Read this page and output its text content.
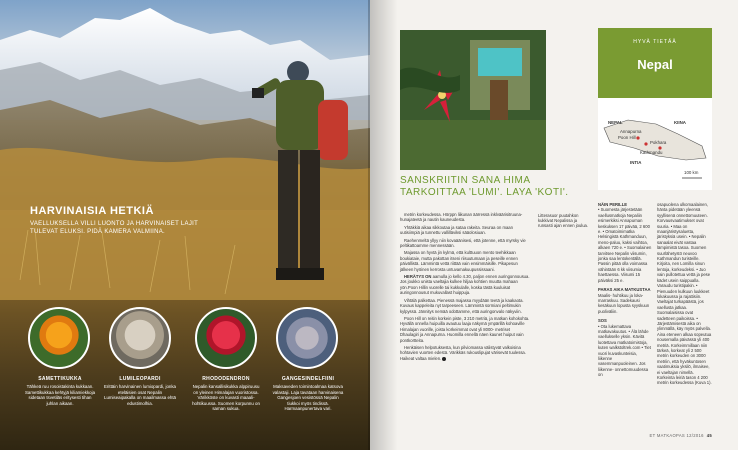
HARVINAISIA HETKIÄ
VAELLUKSELLA VILLI LUONTO JA HARVINAISET LAJIT TULEVAT ELUKSI. PIDÄ KAMERA VALMIINA.
SAMETTIKUKKA
Tähkeä ruu rosoistakinta kukkaan. Samettikukkaa kehtyjä kiliamiekkoja sidetaan tsvetiläs eritysesti tihan juhlan aikaan.
LUMILEOPARDI
Erittäin harvinainen lumiopardi, jonka eteläisien osat Nepalin Lumiseaipakalla on maailmassa ehtä edustimolhia.
RHODODENDRON
Nepalin kansallisikukka alppiruusu on yleinen Himalajan vuoristossa. Värikköste on kuvasti maaali- hohtikuussa. Suomen korpunnu on saman sukua.
GANGESINDELFIINI
Maksaveden toimintoalmaa katsova valastaji. Laja tavataan harvinaisena Gangesjoen vesistössä Nepalin tiukkoi myös tindissä. Harmaanpunertava vari.
SANSKRIITIN SANA HIMA TARKOITTAA 'LUMI'. LAYA 'KOTI'.
Litterasuor puutahkon kukkivat Nepalissa ja runsasti ajan ennen joulua.

metrin korkeudessa. Hörppn liikunan äärressä inklväärisitruuna- hunajateetä ja nautin kauneudesta.

Yhtäkkiä aikaa sikkoutaa ja sataa rakeita. Seuraa on maan uutisiimpiä ja tunnettu vallilläviksi sääolosiuan.

Raehenmeltä yllyy niin kovaäänisesi, että jotenne, että myrsky vie peltikattoamme mennessään.

Majassa on hyvtä jin kylmä, että kulttuuon mento teehikkaan boukiataie, mutta pakottan itseni riisuutumaan ja peseille ennen päivällistä. Lämmintä vettä riittää vain ensimmäisille. Pikapesun jälkeen hyöinen kerrosta untuvamakuupussissaani.

HERÄTYS ON aamulla jo kello 4.30, paljon ennen auringonnousua. Jos joukko unista vaeltajia kulkee hiljaa kohtien muutta mahaan yön.Poon Hillin vuorelle tai kukkulalle, koska tästä kuuluisat auringonnousut mukuvallast huippuja.

Vihtälä palkettaa. Pienessä majassa myydään teetä ja kaakaota. Kuvaus kappeleita nyt tarpeeseen. Lämmintä sormiani peltimukin kylpyssä. Jännitys nemää odottamme, että auringonvalo näkyviin.

Poon Hill on reitin korkein piste, 3 210 metriä, ja matkan kohokohta. Hyvällä onnella huipuilla avautuu laaja näkymä ympärillä kohoaville Himalajan vuorille, joista korkeimmat ovat yli 8000- metriset Dhaulagiri ja Annapurna. Huomilla ennellä näen kaunet huiput vain pontkortteita.

Henkäisen helpotuksesta, kun pilviomassa välistyvät valkoisina hohtavien vuorten edestä. Värikkäs rukouslipujat värisevät tuulessa. Haikeat valtaa mielen.

HYVÄ TIETÄÄ
Nepal
NEPAL	KIINA
Annapurna
Poon Hill
Pokhara
Kathmandu
INTIA
100 km
NÄIN PERILLE
• Suomesta järjestetään vaellusmatkoja Nepaliin esimerkiksi Annapurnan keskuksen 17 päivää, 2 600 e. • Omatoimimatka Helsingistä Kathmanduun, meno-paluu, kaksi vaihtoa, alkaen 720 e. • Suomalainen tarvitsee Nepalin viisumin, jonka saa lentokentällä. Passin pitää olla voimassa vähintään 6 kk viisumia haettaessa. Viisumi 15 päiväksi 25 e.
PARAS AIKA MATKUSTAA
Maalis- huhtikuu ja loka- marraskuu. Sadekausi kesäkuun lopusta syyskuun puoliväliin.
SOS
• Ota lukemattava matkavakuutus. • Älä lähde vaellukselle yksin. Kävitä luotettava matkatoimistoja, kuten walkstoltrek.com • Tiet vuori kuvaskunteisia, liikenne vasemmanpuoleinen. Jos liikenne- onnettomuudessa on
osapuolena ulkomaalainen, hänta pidetään yleensä syyllisenä onnettomuuteen. Korvausvaatimukset ovat suuria. • Maa on maanjäristysaluetta, järistyksiä usein. • Nepalin sanaalat eivät vastaa lämpimistä tasoa. Suomen suurlähetystö neuvoo Kathmandun turisteille. Kirjoita, nen Lomilla sinun lentoja, korkeudeksi. • Juo vain pullotettua vettä ja pese kädet usein saippualla. Varaudu turistipakin. • Pienuuden kulkuun luukkeet lokakuussa ja rajattisiin. Vaeltajat turkapäästä, jos vaellusta jatkaa. Suomalaisissa ovat sadetteen paikoissa. • Järjestämisestä aika on ylimmällä, käy myös palvella. Aina eteneen alkaa sopeutua nousemalla päivässä yli 400 metriä. Korkeimmillaan niin tärkeä, korkeat yli 2 500 metrin korkeuden on 3000 metriin, että hyväkuntosen vaatimuksia yksilö, ilmaisee, ei vaeltajan nimellä. Korkeinta leiriä tason 4 200 metrin korkeudessa (Kuva 1).
ET MATKAOPAS 12/2016 45
